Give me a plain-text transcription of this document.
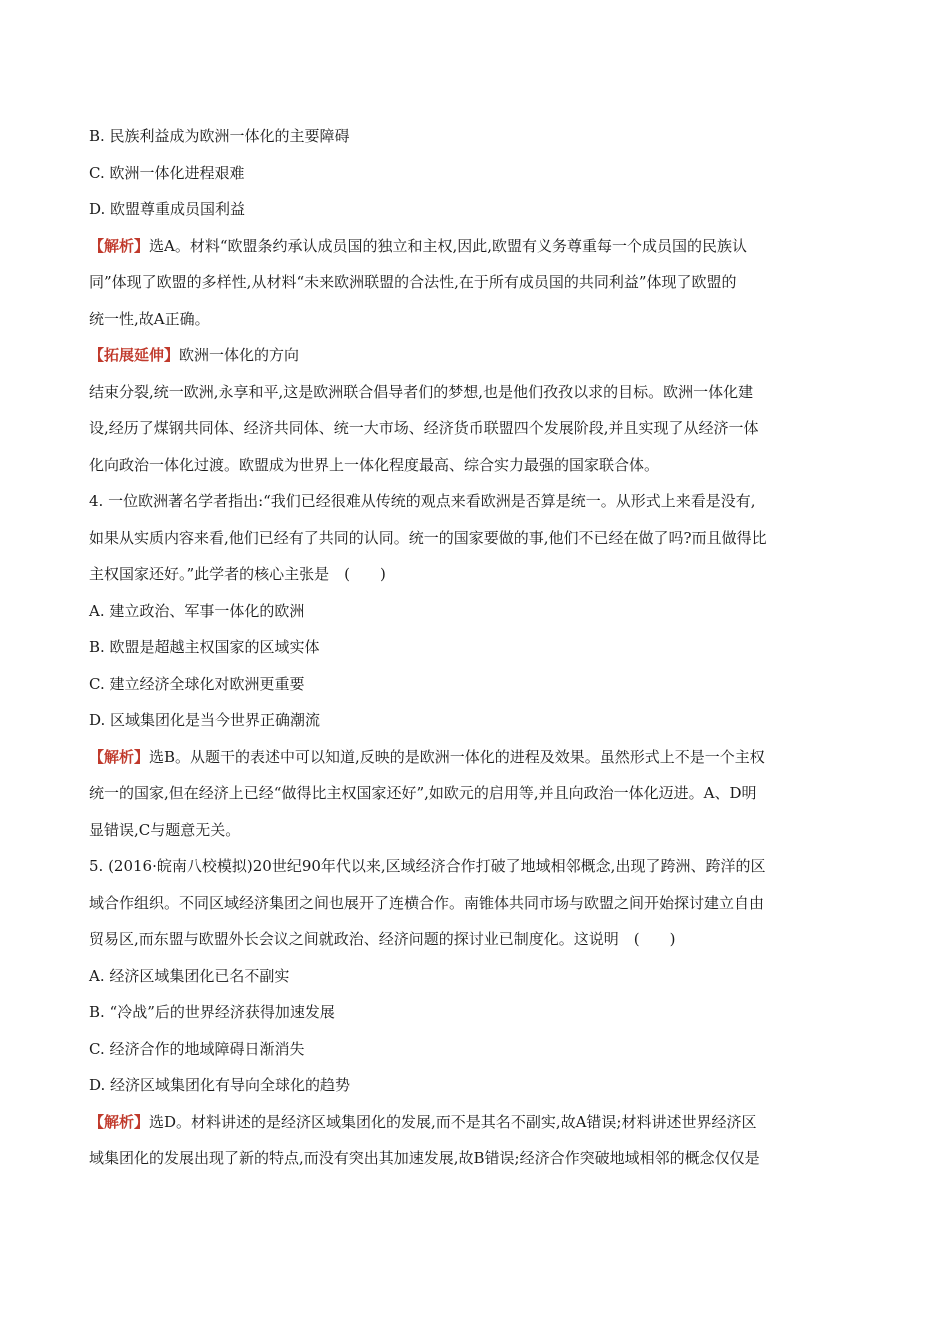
B. 民族利益成为欧洲一体化的主要障碍
C. 欧洲一体化进程艰难
D. 欧盟尊重成员国利益
【解析】选A。材料“欧盟条约承认成员国的独立和主权,因此,欧盟有义务尊重每一个成员国的民族认
同”体现了欧盟的多样性,从材料“未来欧洲联盟的合法性,在于所有成员国的共同利益”体现了欧盟的
统一性,故A正确。
【拓展延伸】欧洲一体化的方向
结束分裂,统一欧洲,永享和平,这是欧洲联合倡导者们的梦想,也是他们孜孜以求的目标。欧洲一体化建
设,经历了煤钢共同体、经济共同体、统一大市场、经济货币联盟四个发展阶段,并且实现了从经济一体
化向政治一体化过渡。欧盟成为世界上一体化程度最高、综合实力最强的国家联合体。
4. 一位欧洲著名学者指出:“我们已经很难从传统的观点来看欧洲是否算是统一。从形式上来看是没有,
如果从实质内容来看,他们已经有了共同的认同。统一的国家要做的事,他们不已经在做了吗?而且做得比
主权国家还好。”此学者的核心主张是　(　　)
A. 建立政治、军事一体化的欧洲
B. 欧盟是超越主权国家的区域实体
C. 建立经济全球化对欧洲更重要
D. 区域集团化是当今世界正确潮流
【解析】选B。从题干的表述中可以知道,反映的是欧洲一体化的进程及效果。虽然形式上不是一个主权
统一的国家,但在经济上已经“做得比主权国家还好”,如欧元的启用等,并且向政治一体化迈进。A、D明
显错误,C与题意无关。
5. (2016·皖南八校模拟)20世纪90年代以来,区域经济合作打破了地域相邻概念,出现了跨洲、跨洋的区
域合作组织。不同区域经济集团之间也展开了连横合作。南锥体共同市场与欧盟之间开始探讨建立自由
贸易区,而东盟与欧盟外长会议之间就政治、经济问题的探讨业已制度化。这说明　(　　)
A. 经济区域集团化已名不副实
B. “冷战”后的世界经济获得加速发展
C. 经济合作的地域障碍日渐消失
D. 经济区域集团化有导向全球化的趋势
【解析】选D。材料讲述的是经济区域集团化的发展,而不是其名不副实,故A错误;材料讲述世界经济区
域集团化的发展出现了新的特点,而没有突出其加速发展,故B错误;经济合作突破地域相邻的概念仅仅是
